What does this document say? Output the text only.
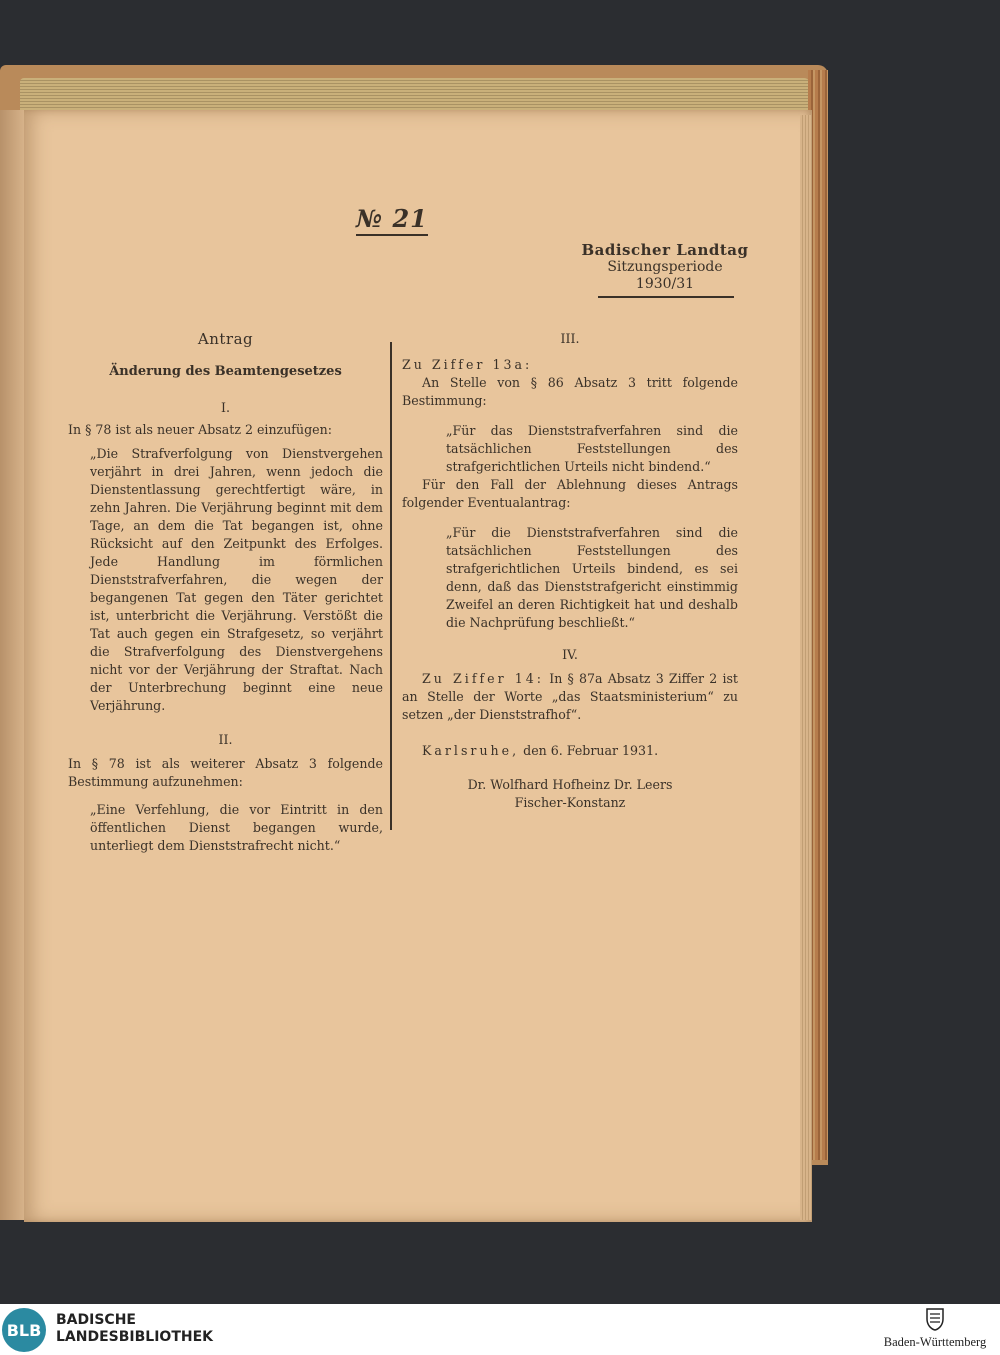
№ 21
Badischer Landtag
Sitzungsperiode
1930/31
Antrag
Änderung des Beamtengesetzes
I.

In § 78 ist als neuer Absatz 2 einzufügen:

„Die Strafverfolgung von Dienstvergehen verjährt in drei Jahren, wenn jedoch die Dienstentlassung gerechtfertigt wäre, in zehn Jahren. Die Verjährung beginnt mit dem Tage, an dem die Tat begangen ist, ohne Rücksicht auf den Zeitpunkt des Erfolges. Jede Handlung im förmlichen Dienststrafverfahren, die wegen der begangenen Tat gegen den Täter gerichtet ist, unterbricht die Verjährung. Verstößt die Tat auch gegen ein Strafgesetz, so verjährt die Strafverfolgung des Dienstvergehens nicht vor der Verjährung der Straftat. Nach der Unterbrechung beginnt eine neue Verjährung.

II.

In § 78 ist als weiterer Absatz 3 folgende Bestimmung aufzunehmen:

„Eine Verfehlung, die vor Eintritt in den öffentlichen Dienst begangen wurde, unterliegt dem Dienststrafrecht nicht.“

III.

Zu Ziffer 13a:

An Stelle von § 86 Absatz 3 tritt folgende Bestimmung:

„Für das Dienststrafverfahren sind die tatsächlichen Feststellungen des strafgerichtlichen Urteils nicht bindend.“

Für den Fall der Ablehnung dieses Antrags folgender Eventualantrag:

„Für die Dienststrafverfahren sind die tatsächlichen Feststellungen des strafgerichtlichen Urteils bindend, es sei denn, daß das Dienststrafgericht einstimmig Zweifel an deren Richtigkeit hat und deshalb die Nachprüfung beschließt.“

IV.

Zu Ziffer 14: In § 87a Absatz 3 Ziffer 2 ist an Stelle der Worte „das Staatsministerium“ zu setzen „der Dienststrafhof“.

Karlsruhe, den 6. Februar 1931.

Dr. Wolfhard Hofheinz Dr. Leers
Fischer-Konstanz
BLB
BADISCHE
LANDESBIBLIOTHEK	Baden-Württemberg
